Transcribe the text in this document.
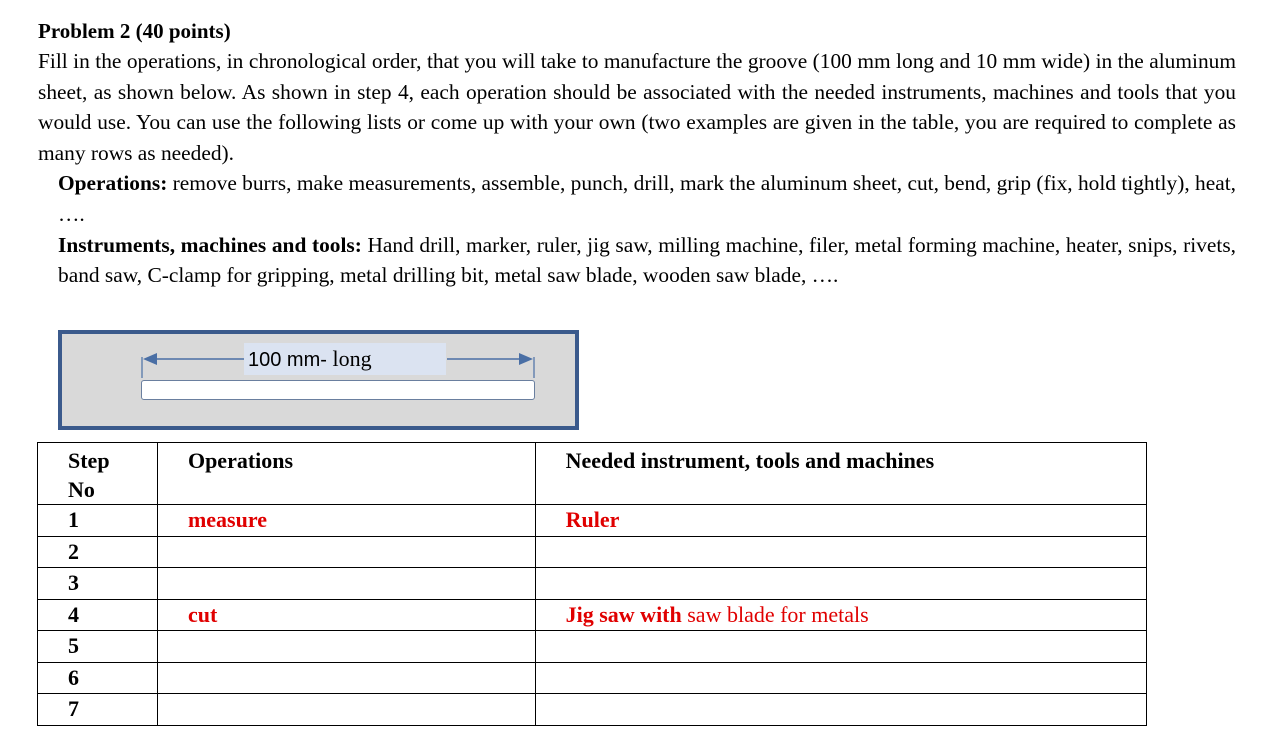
Problem 2 (40 points)

Fill in the operations, in chronological order, that you will take to manufacture the groove (100 mm long and 10 mm wide) in the aluminum sheet, as shown below. As shown in step 4, each operation should be associated with the needed instruments, machines and tools that you would use. You can use the following lists or come up with your own (two examples are given in the table, you are required to complete as many rows as needed).

Operations: remove burrs, make measurements, assemble, punch, drill, mark the aluminum sheet, cut, bend, grip (fix, hold tightly), heat, ….

Instruments, machines and tools: Hand drill, marker, ruler, jig saw, milling machine, filer, metal forming machine, heater, snips, rivets, band saw, C-clamp for gripping, metal drilling bit, metal saw blade, wooden saw blade, ….

100 mm- long
Step No	Operations	Needed instrument, tools and machines
1	measure	Ruler
2		
3		
4	cut	Jig saw with saw blade for metals
5		
6		
7		
